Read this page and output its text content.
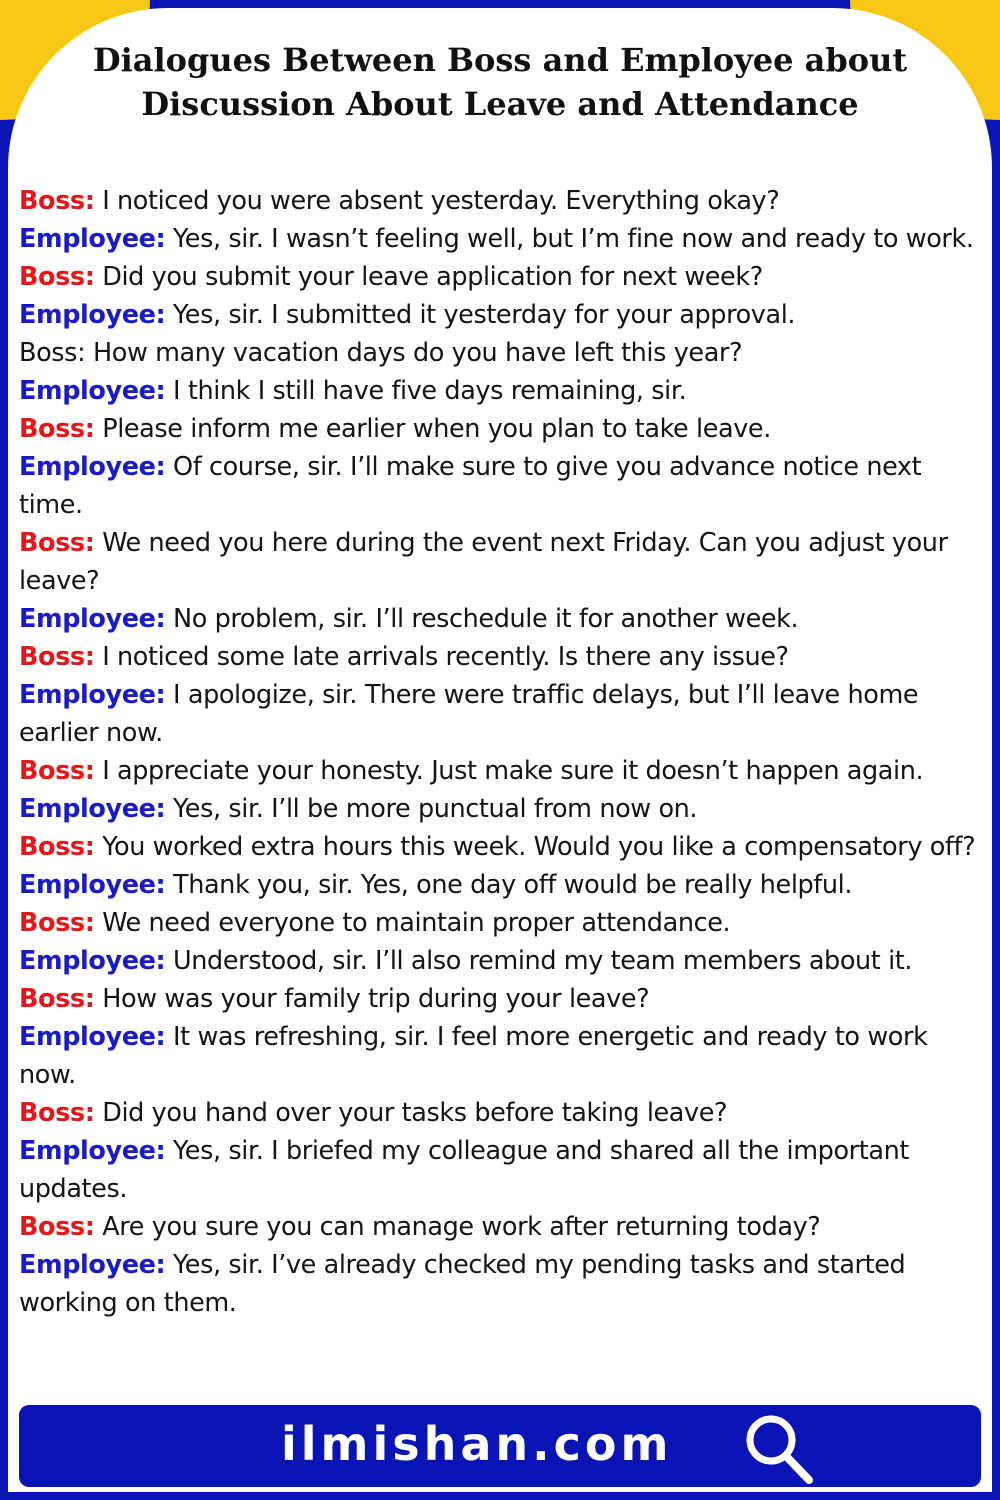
Dialogues Between Boss and Employee about
Discussion About Leave and Attendance
Boss: I noticed you were absent yesterday. Everything okay?
Employee: Yes, sir. I wasn’t feeling well, but I’m fine now and ready to work.
Boss: Did you submit your leave application for next week?
Employee: Yes, sir. I submitted it yesterday for your approval.
Boss: How many vacation days do you have left this year?
Employee: I think I still have five days remaining, sir.
Boss: Please inform me earlier when you plan to take leave.
Employee: Of course, sir. I’ll make sure to give you advance notice next time.
Boss: We need you here during the event next Friday. Can you adjust your leave?
Employee: No problem, sir. I’ll reschedule it for another week.
Boss: I noticed some late arrivals recently. Is there any issue?
Employee: I apologize, sir. There were traffic delays, but I’ll leave home earlier now.
Boss: I appreciate your honesty. Just make sure it doesn’t happen again.
Employee: Yes, sir. I’ll be more punctual from now on.
Boss: You worked extra hours this week. Would you like a compensatory off?
Employee: Thank you, sir. Yes, one day off would be really helpful.
Boss: We need everyone to maintain proper attendance.
Employee: Understood, sir. I’ll also remind my team members about it.
Boss: How was your family trip during your leave?
Employee: It was refreshing, sir. I feel more energetic and ready to work now.
Boss: Did you hand over your tasks before taking leave?
Employee: Yes, sir. I briefed my colleague and shared all the important updates.
Boss: Are you sure you can manage work after returning today?
Employee: Yes, sir. I’ve already checked my pending tasks and started working on them.
ilmishan.com
